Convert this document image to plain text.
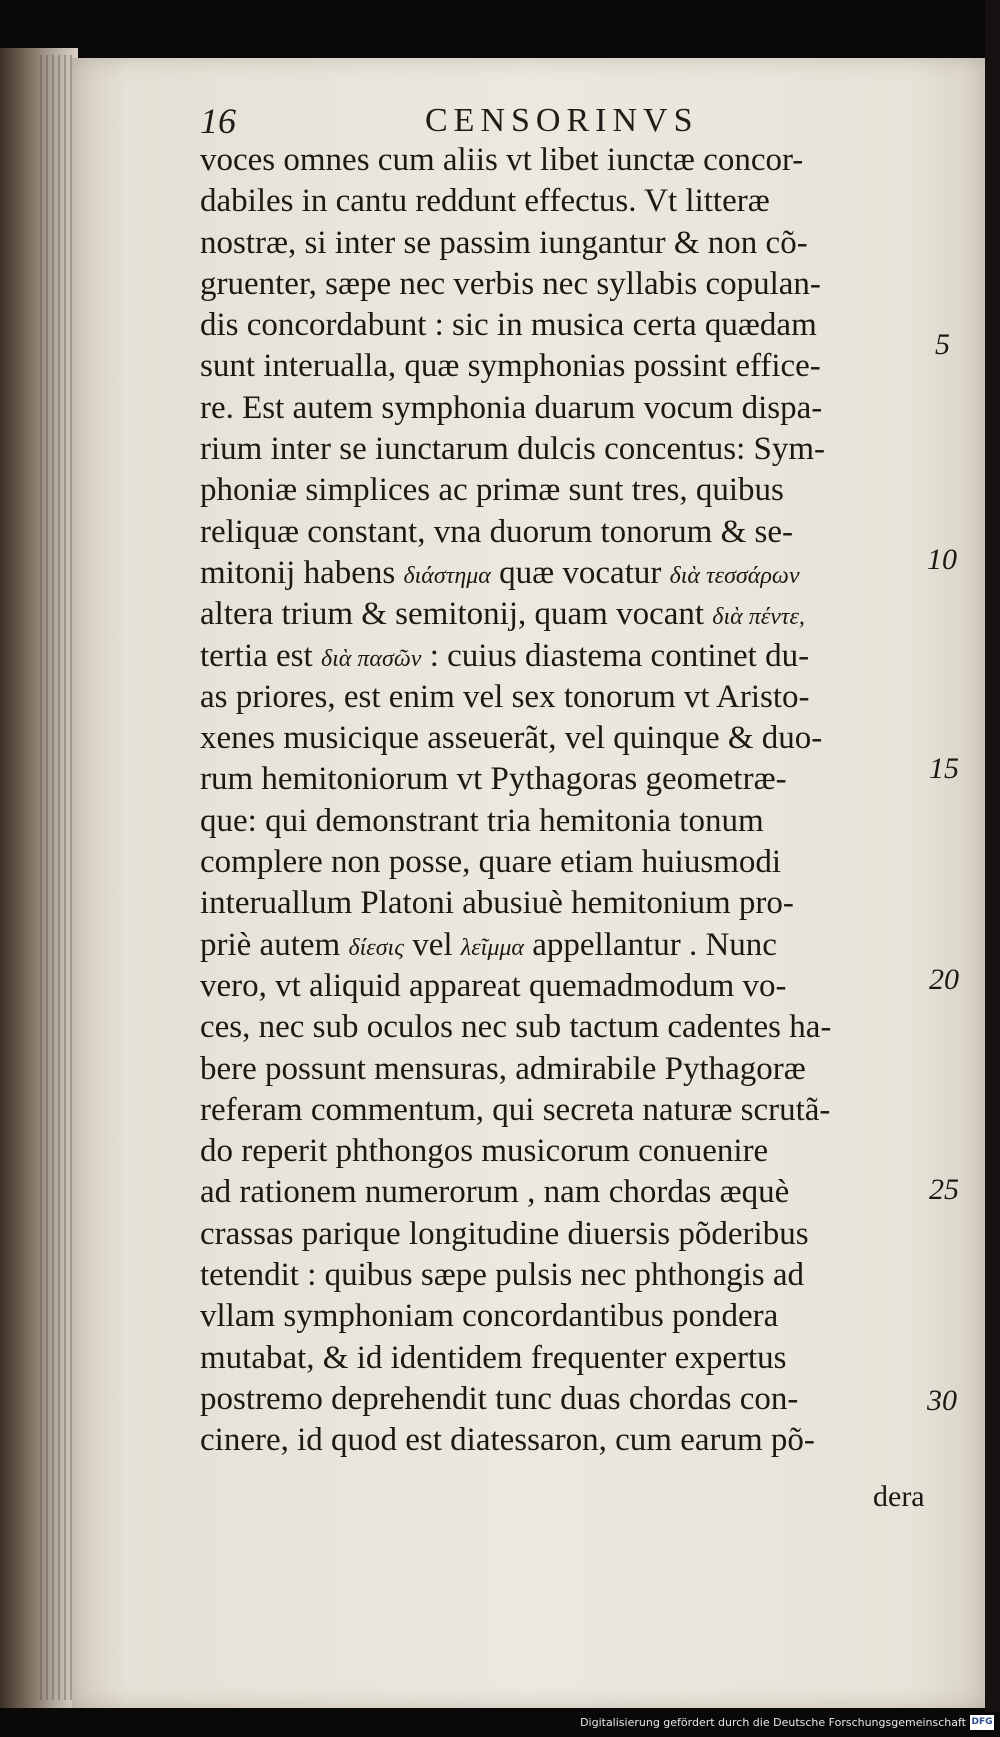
16	CENSORINVS
voces omnes cum aliis vt libet iunctæ concor-
dabiles in cantu reddunt effectus. Vt litteræ
nostræ, si inter se passim iungantur & non cõ-
gruenter, sæpe nec verbis nec syllabis copulan-
dis concordabunt : sic in musica certa quædam
sunt interualla, quæ symphonias possint effice-
re. Est autem symphonia duarum vocum dispa-
rium inter se iunctarum dulcis concentus: Sym-
phoniæ simplices ac primæ sunt tres, quibus
reliquæ constant, vna duorum tonorum & se-
mitonij habens διάστημα quæ vocatur διὰ τεσσάρων
altera trium & semitonij, quam vocant διὰ πέντε,
tertia est διὰ πασῶν : cuius diastema continet du-
as priores, est enim vel sex tonorum vt Aristo-
xenes musicique asseuerãt, vel quinque & duo-
rum hemitoniorum vt Pythagoras geometræ-
que: qui demonstrant tria hemitonia tonum
complere non posse, quare etiam huiusmodi
interuallum Platoni abusiuè hemitonium pro-
priè autem δίεσις vel λεῖμμα appellantur . Nunc
vero, vt aliquid appareat quemadmodum vo-
ces, nec sub oculos nec sub tactum cadentes ha-
bere possunt mensuras, admirabile Pythagoræ
referam commentum, qui secreta naturæ scrutã-
do reperit phthongos musicorum conuenire
ad rationem numerorum , nam chordas æquè
crassas parique longitudine diuersis põderibus
tetendit : quibus sæpe pulsis nec phthongis ad
vllam symphoniam concordantibus pondera
mutabat, & id identidem frequenter expertus
postremo deprehendit tunc duas chordas con-
cinere, id quod est diatessaron, cum earum põ-
5
10
15
20
25
30
dera
Digitalisierung gefördert durch die Deutsche Forschungsgemeinschaft DFG
